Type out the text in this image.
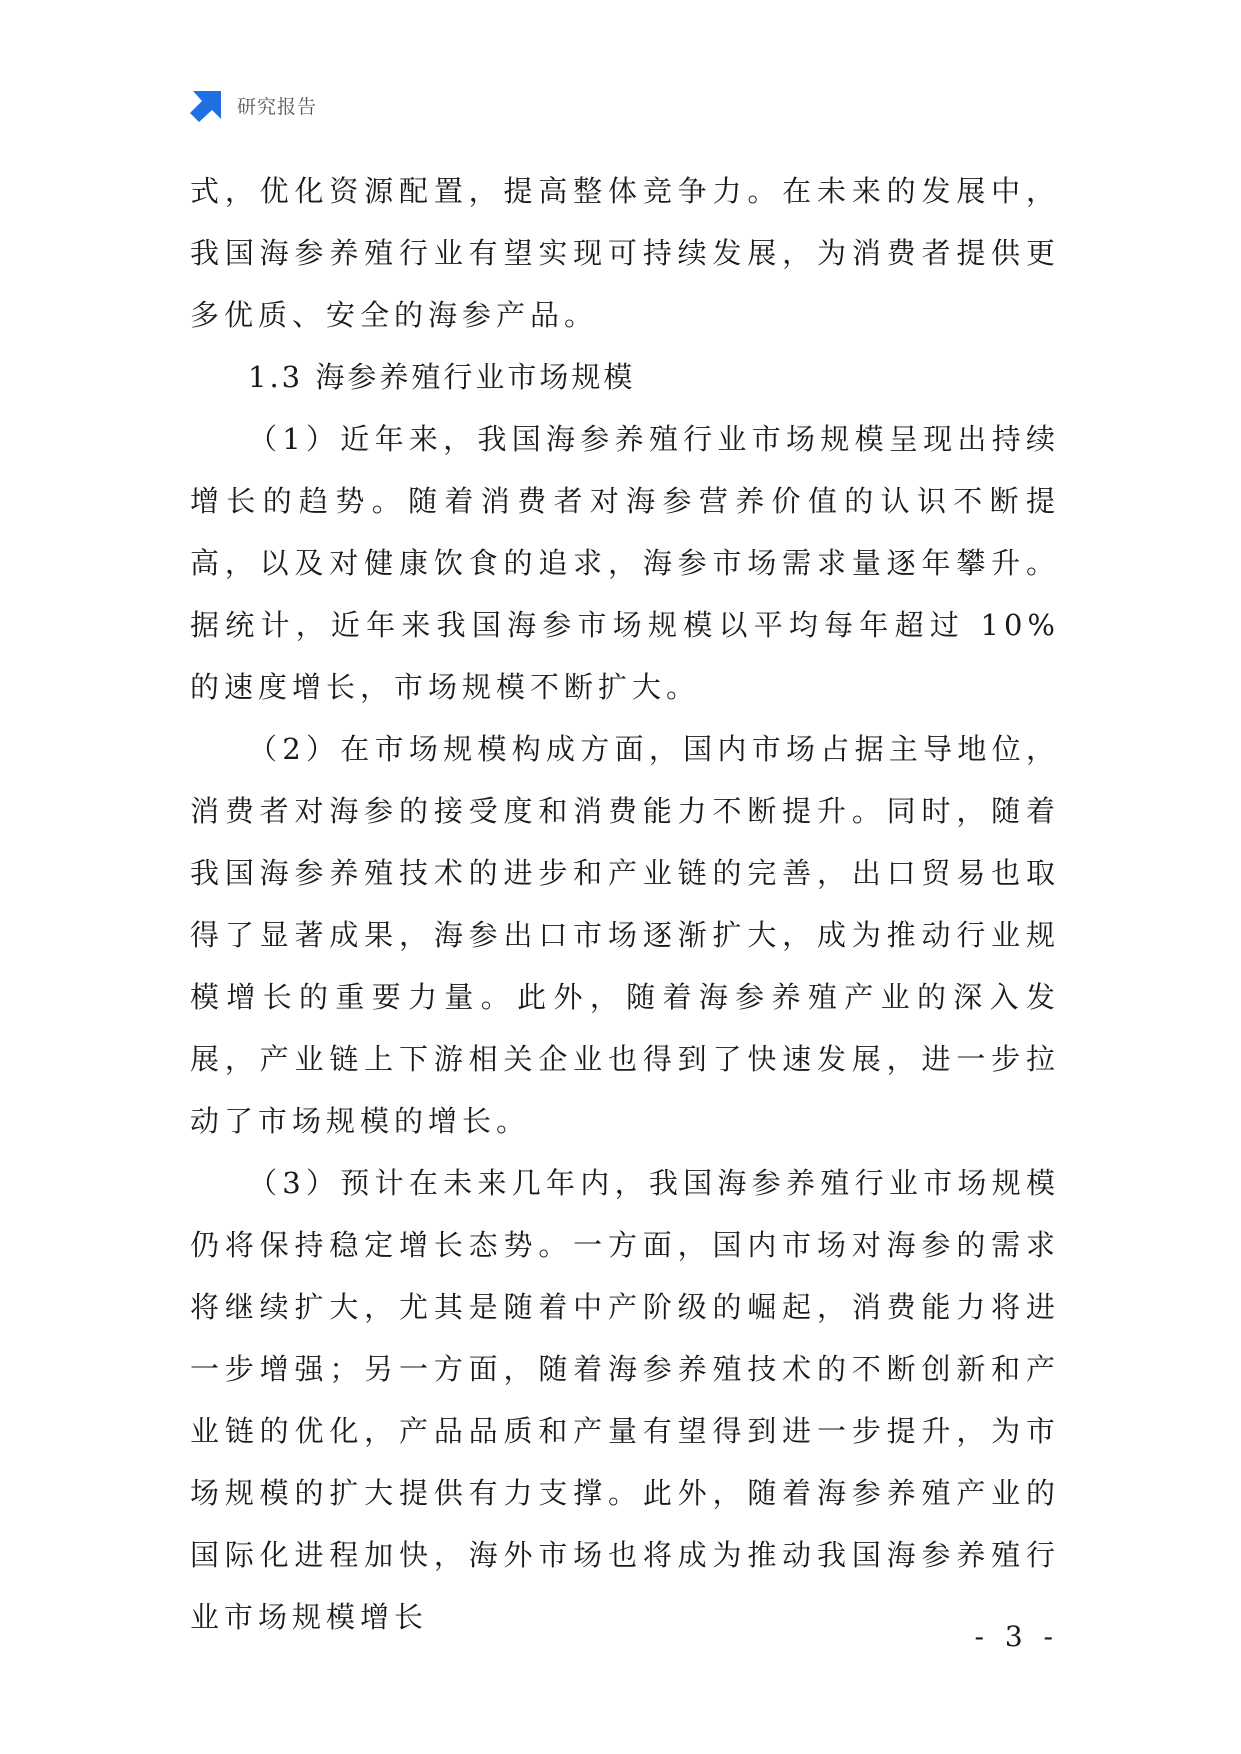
研究报告

式，优化资源配置，提高整体竞争力。在未来的发展中，我国海参养殖行业有望实现可持续发展，为消费者提供更多优质、安全的海参产品。

1.3 海参养殖行业市场规模

（1）近年来，我国海参养殖行业市场规模呈现出持续增长的趋势。随着消费者对海参营养价值的认识不断提高，以及对健康饮食的追求，海参市场需求量逐年攀升。据统计，近年来我国海参市场规模以平均每年超过 10%的速度增长，市场规模不断扩大。

（2）在市场规模构成方面，国内市场占据主导地位，消费者对海参的接受度和消费能力不断提升。同时，随着我国海参养殖技术的进步和产业链的完善，出口贸易也取得了显著成果，海参出口市场逐渐扩大，成为推动行业规模增长的重要力量。此外，随着海参养殖产业的深入发展，产业链上下游相关企业也得到了快速发展，进一步拉动了市场规模的增长。

（3）预计在未来几年内，我国海参养殖行业市场规模仍将保持稳定增长态势。一方面，国内市场对海参的需求将继续扩大，尤其是随着中产阶级的崛起，消费能力将进一步增强；另一方面，随着海参养殖技术的不断创新和产业链的优化，产品品质和产量有望得到进一步提升，为市场规模的扩大提供有力支撑。此外，随着海参养殖产业的国际化进程加快，海外市场也将成为推动我国海参养殖行业市场规模增长

- 3 -
